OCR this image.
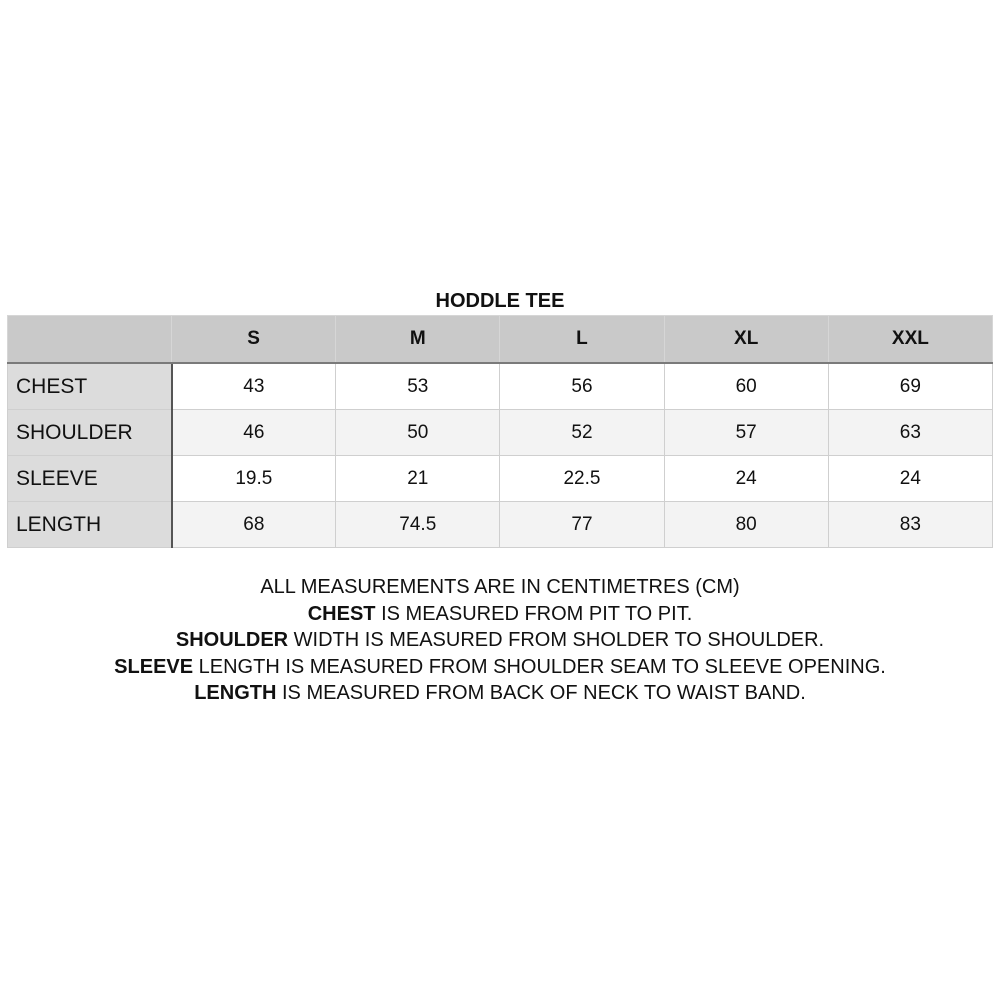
HODDLE TEE
	S	M	L	XL	XXL
CHEST	43	53	56	60	69
SHOULDER	46	50	52	57	63
SLEEVE	19.5	21	22.5	24	24
LENGTH	68	74.5	77	80	83
ALL MEASUREMENTS ARE IN CENTIMETRES (CM)
CHEST IS MEASURED FROM PIT TO PIT.
SHOULDER WIDTH IS MEASURED FROM SHOLDER TO SHOULDER.
SLEEVE LENGTH IS MEASURED FROM SHOULDER SEAM TO SLEEVE OPENING.
LENGTH IS MEASURED FROM BACK OF NECK TO WAIST BAND.
